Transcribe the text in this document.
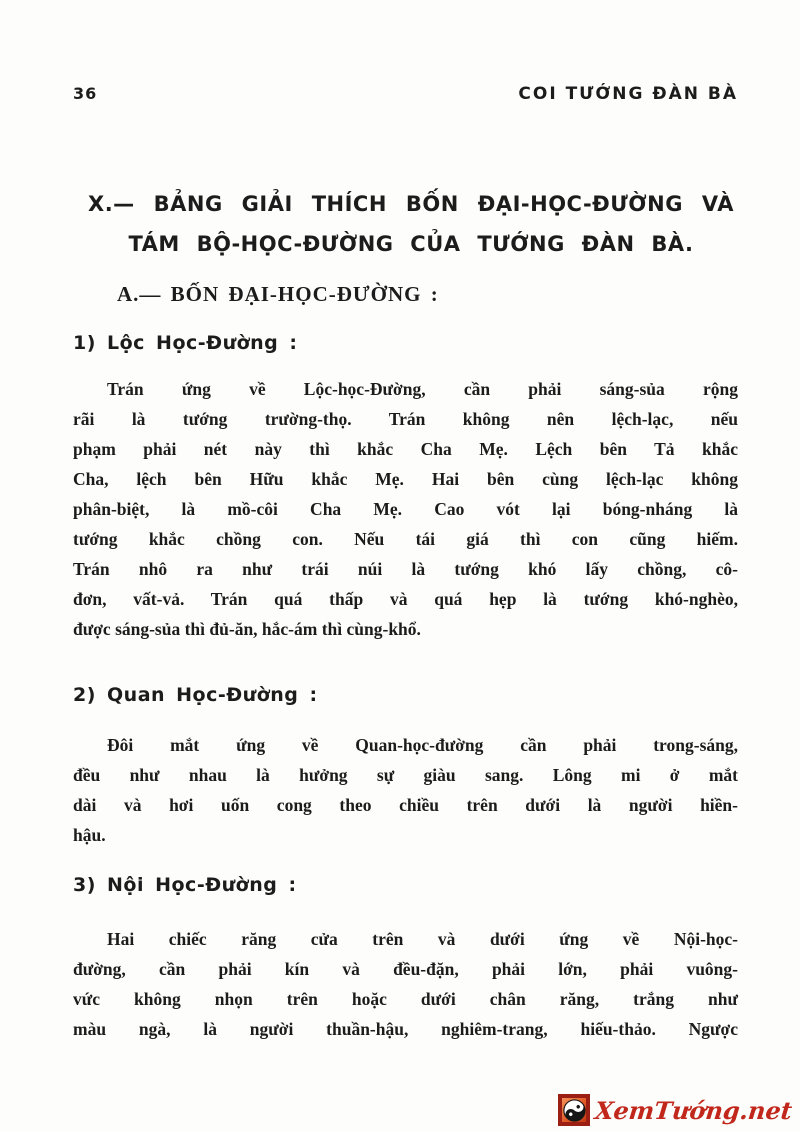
36	COI TƯỚNG ĐÀN BÀ
X.— BẢNG GIẢI THÍCH BỐN ĐẠI-HỌC-ĐƯỜNG VÀ
TÁM BỘ-HỌC-ĐƯỜNG CỦA TƯỚNG ĐÀN BÀ.
A.— BỐN ĐẠI-HỌC-ĐƯỜNG :
1) Lộc Học-Đường :
Trán ứng về Lộc-học-Đường, cần phải sáng-sủa rộng
rãi là tướng trường-thọ. Trán không nên lệch-lạc, nếu
phạm phải nét này thì khắc Cha Mẹ. Lệch bên Tả khắc
Cha, lệch bên Hữu khắc Mẹ. Hai bên cùng lệch-lạc không
phân-biệt, là mồ-côi Cha Mẹ. Cao vót lại bóng-nháng là
tướng khắc chồng con. Nếu tái giá thì con cũng hiếm.
Trán nhô ra như trái núi là tướng khó lấy chồng, cô-
đơn, vất-vả. Trán quá thấp và quá hẹp là tướng khó-nghèo,
được sáng-sủa thì đủ-ăn, hắc-ám thì cùng-khổ.
2) Quan Học-Đường :
Đôi mắt ứng về Quan-học-đường cần phải trong-sáng,
đều như nhau là hưởng sự giàu sang. Lông mi ở mắt
dài và hơi uốn cong theo chiều trên dưới là người hiền-
hậu.
3) Nội Học-Đường :
Hai chiếc răng cửa trên và dưới ứng về Nội-học-
đường, cần phải kín và đều-đặn, phải lớn, phải vuông-
vức không nhọn trên hoặc dưới chân răng, trắng như
màu ngà, là người thuần-hậu, nghiêm-trang, hiếu-thảo. Ngược
XemTướng.net
